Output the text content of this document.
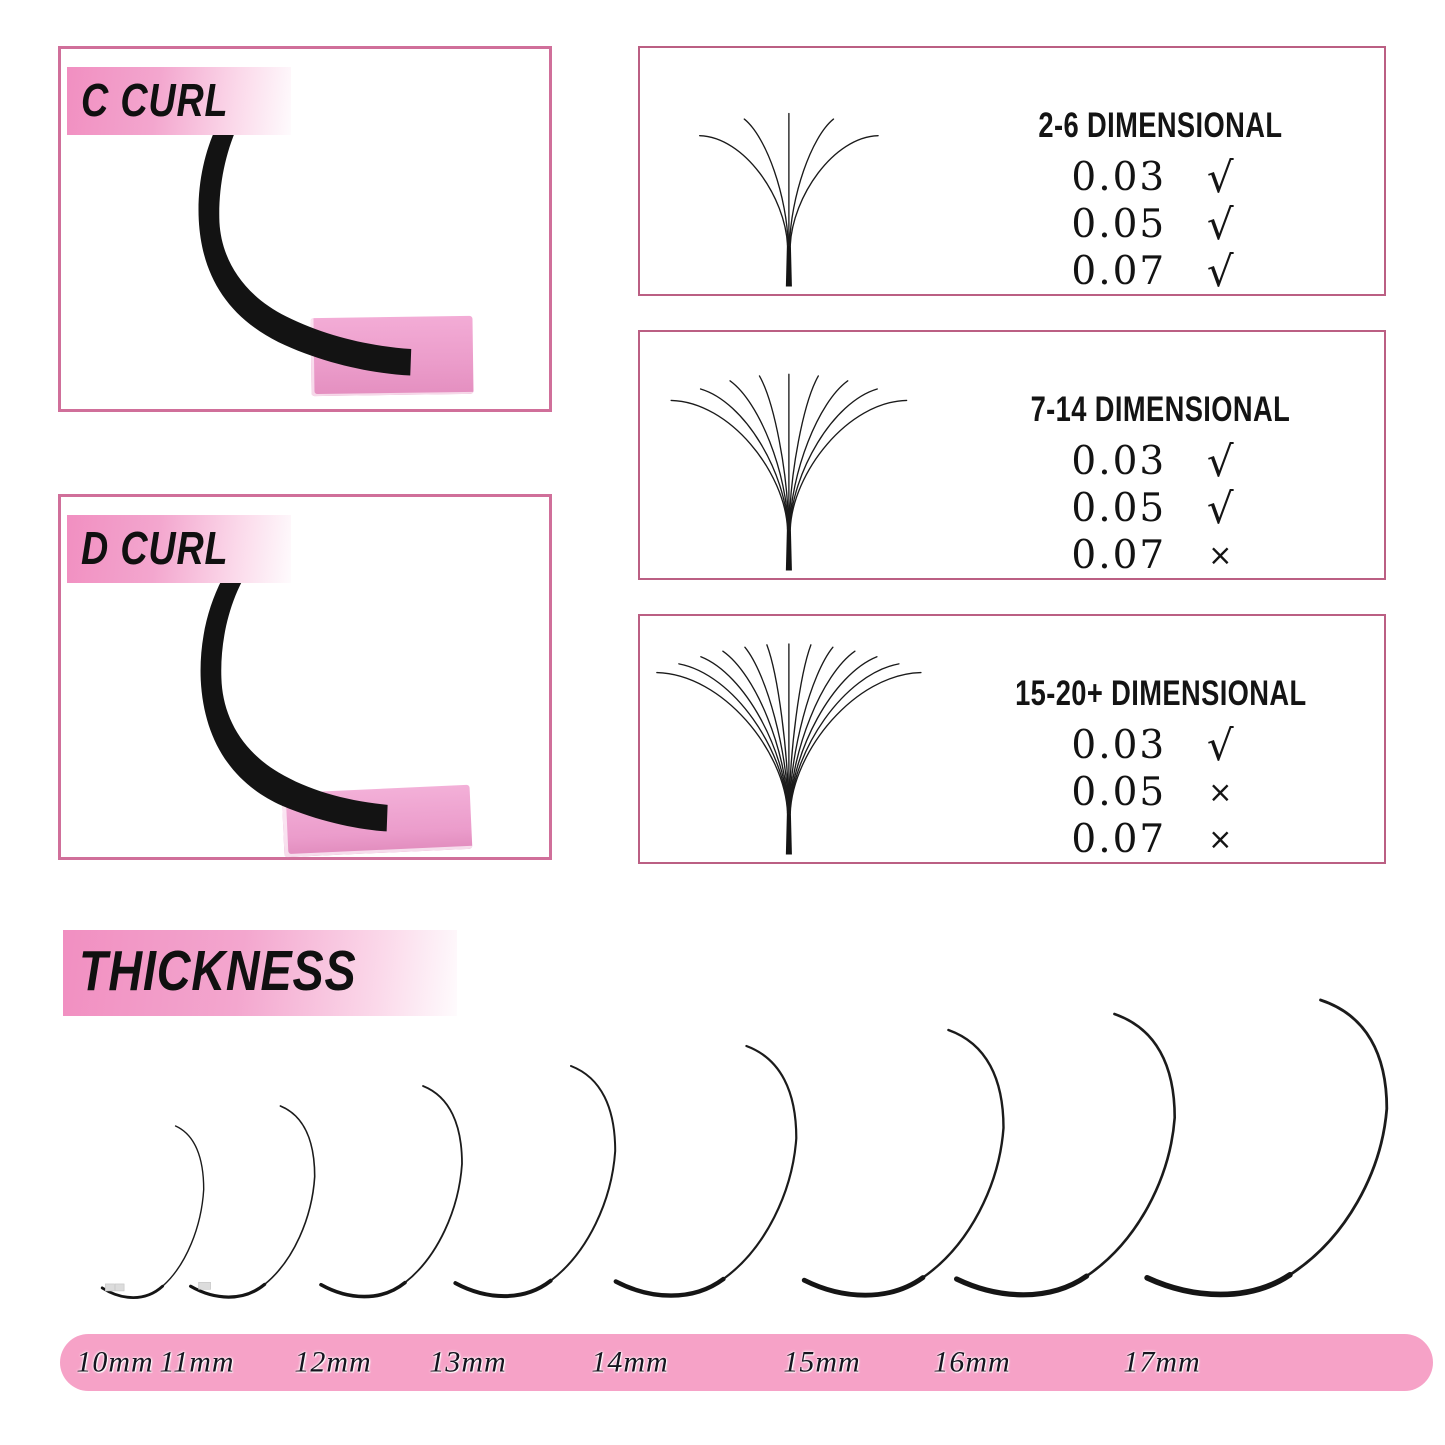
C CURL
D CURL
2-6 DIMENSIONAL
0.03 √
0.05 √
0.07 √
7-14 DIMENSIONAL
0.03 √
0.05 √
0.07	×
15-20+ DIMENSIONAL
0.03 √
0.05	×
0.07	×
THICKNESS
10mm 11mm 12mm 13mm	14mm	15mm 16mm	17mm
